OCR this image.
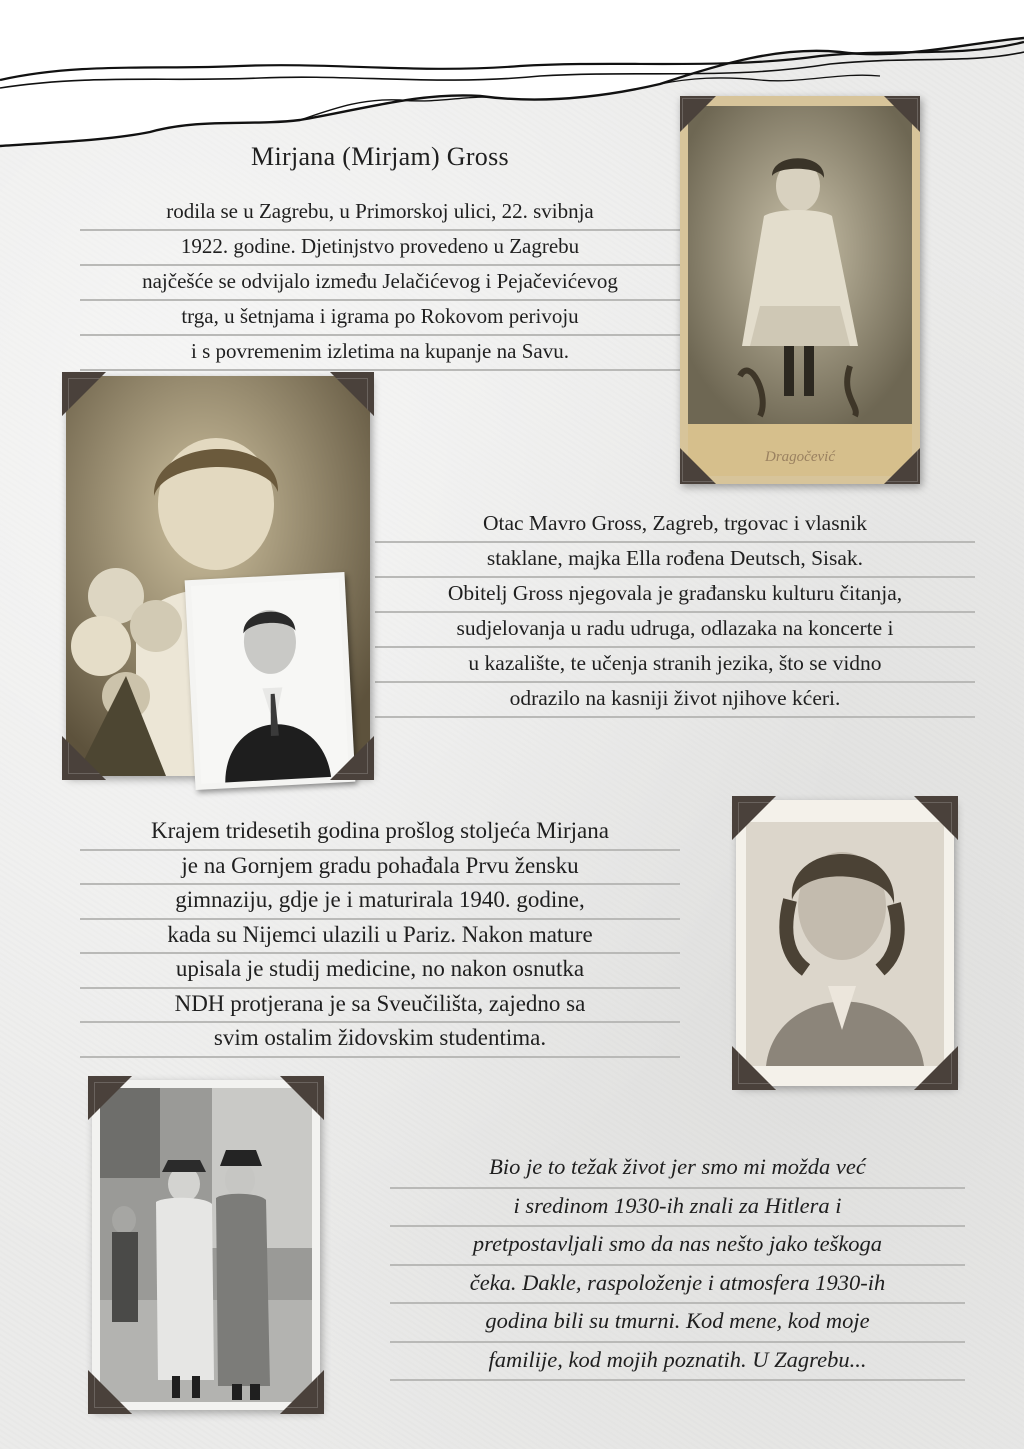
Mirjana (Mirjam) Gross
rodila se u Zagrebu, u Primorskoj ulici, 22. svibnja
1922. godine. Djetinjstvo provedeno u Zagrebu
najčešće se odvijalo između Jelačićevog i Pejačevićevog
trga, u šetnjama i igrama po Rokovom perivoju
i s povremenim izletima na kupanje na Savu.
Otac Mavro Gross, Zagreb, trgovac i vlasnik
staklane, majka Ella rođena Deutsch, Sisak.
Obitelj Gross njegovala je građansku kulturu čitanja,
sudjelovanja u radu udruga, odlazaka na koncerte i
u kazalište, te učenja stranih jezika, što se vidno
odrazilo na kasniji život njihove kćeri.
Krajem tridesetih godina prošlog stoljeća Mirjana
je na Gornjem gradu pohađala Prvu žensku
gimnaziju, gdje je i maturirala 1940. godine,
kada su Nijemci ulazili u Pariz. Nakon mature
upisala je studij medicine, no nakon osnutka
NDH protjerana je sa Sveučilišta, zajedno sa
svim ostalim židovskim studentima.
Bio je to težak život jer smo mi možda već
i sredinom 1930-ih znali za Hitlera i
pretpostavljali smo da nas nešto jako teškoga
čeka. Dakle, raspoloženje i atmosfera 1930-ih
godina bili su tmurni. Kod mene, kod moje
familije, kod mojih poznatih. U Zagrebu...
Dragočević
